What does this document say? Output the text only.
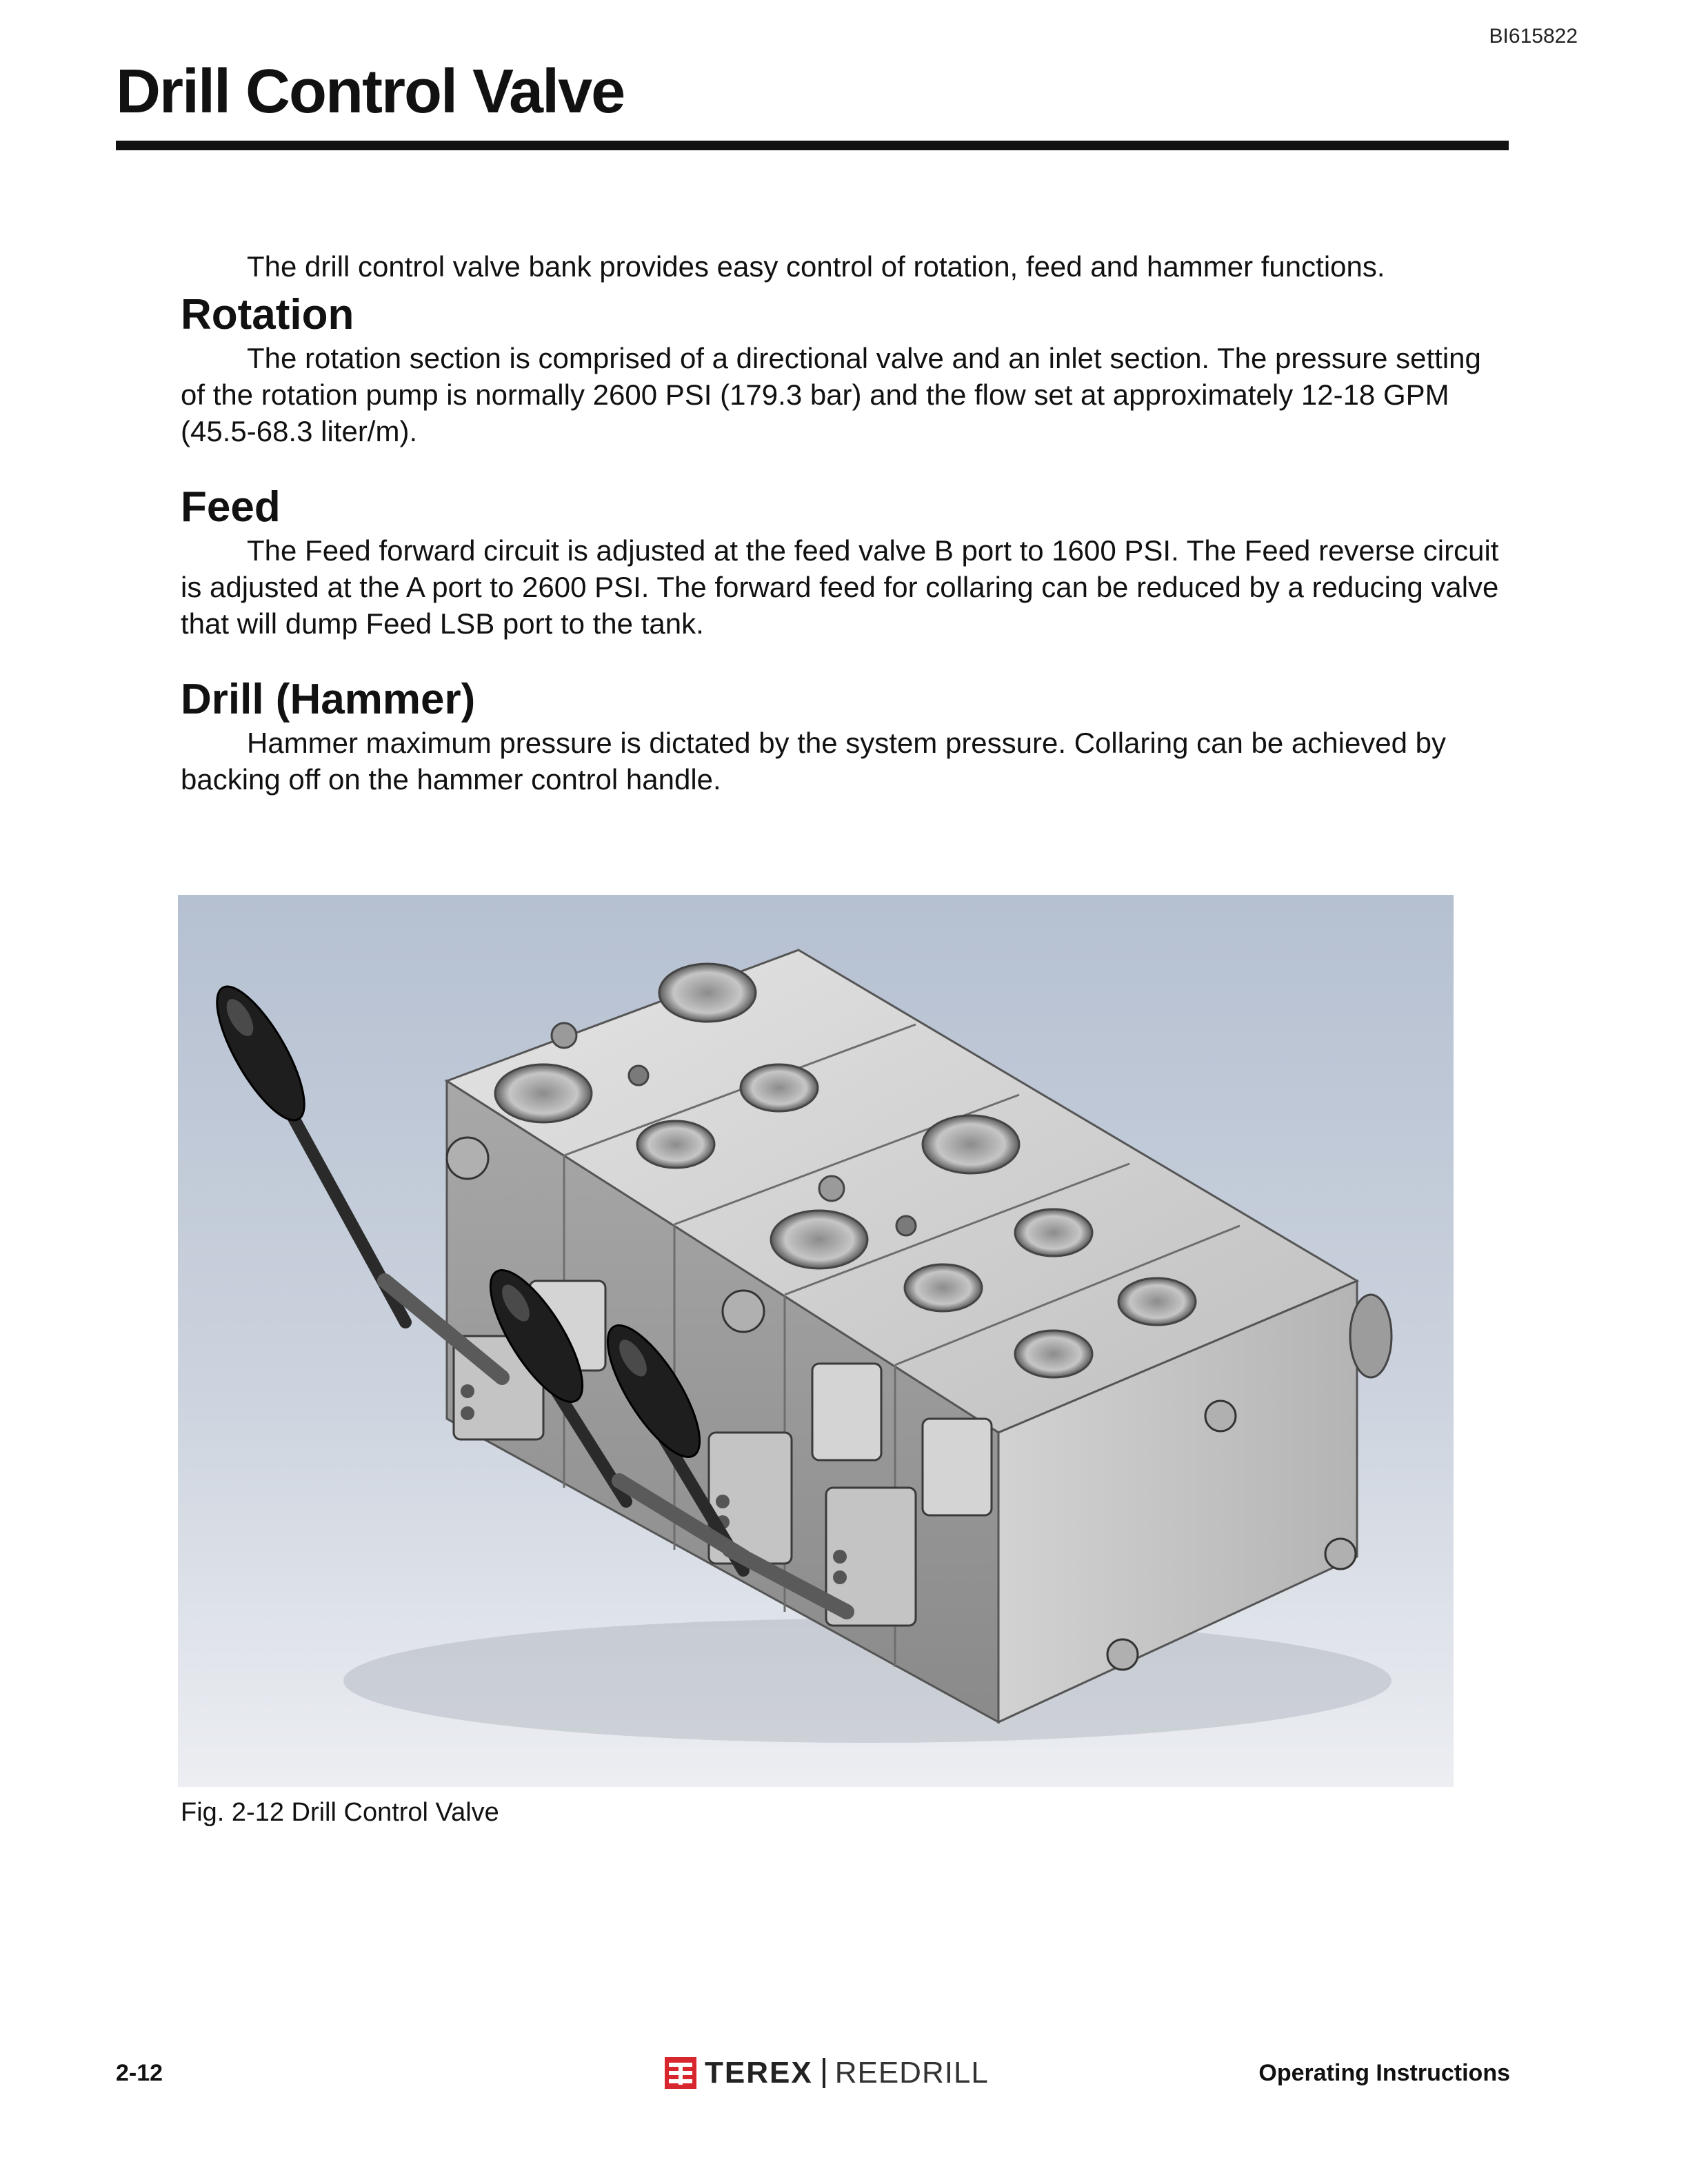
BI615822
Drill Control Valve

The drill control valve bank provides easy control of rotation, feed and hammer functions.

Rotation

The rotation section is comprised of a directional valve and an inlet section. The pressure setting of the rotation pump is normally 2600 PSI (179.3 bar) and the flow set at approximately 12-18 GPM (45.5-68.3 liter/m).

Feed

The Feed forward circuit is adjusted at the feed valve B port to 1600 PSI. The Feed reverse circuit is adjusted at the A port to 2600 PSI. The forward feed for collaring can be reduced by a reducing valve that will dump Feed LSB port to the tank.

Drill (Hammer)

Hammer maximum pressure is dictated by the system pressure. Collaring can be achieved by backing off on the hammer control handle.

Fig. 2-12 Drill Control Valve
2-12	TEREX REEDRILL	Operating Instructions
